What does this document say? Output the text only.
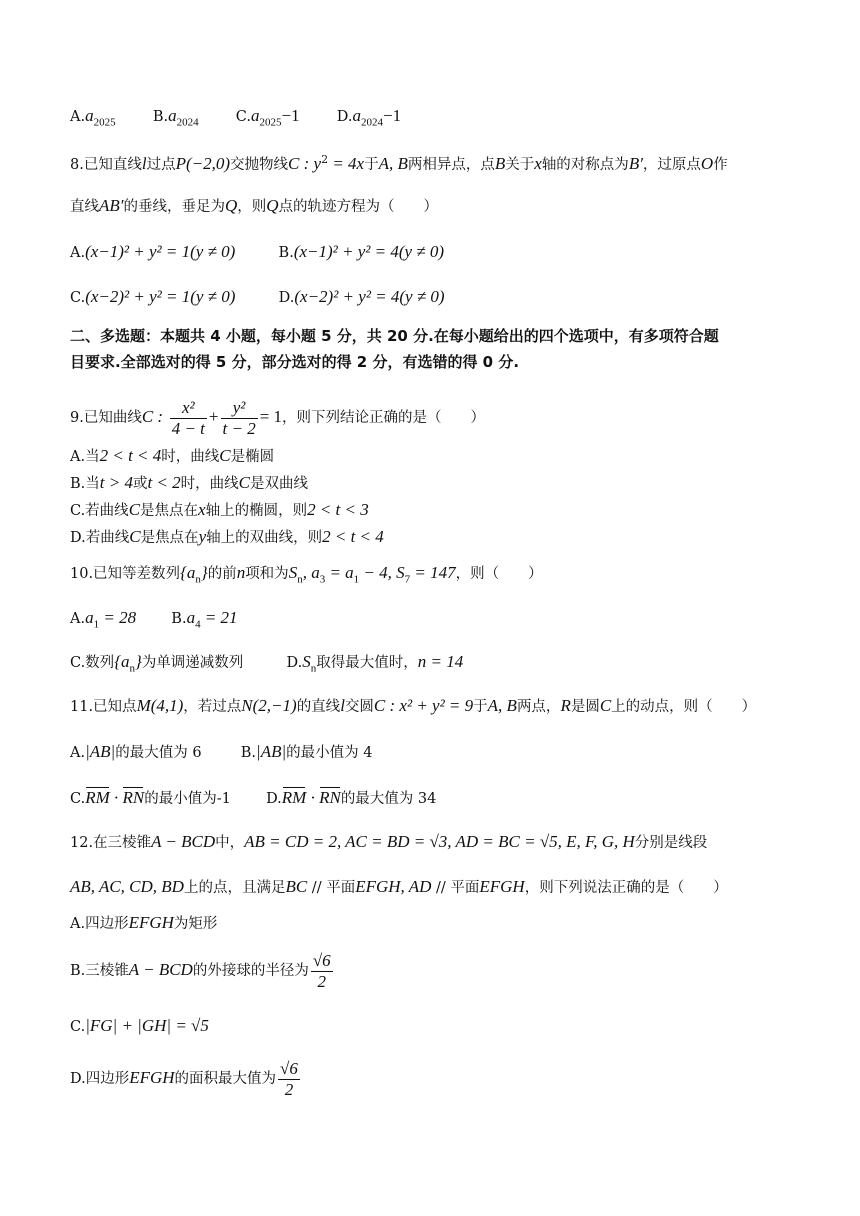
$A.a_{2025}$	$B.a_{2024}$	$C.a_{2025}-1$	$D.a_{2024}-1$
8.已知直线l过点P(−2,0)交抛物线C : $y^2 = 4x$于A, B两相异点，点B关于x轴的对称点为B′，过原点O作
直线AB′的垂线，垂足为Q，则Q点的轨迹方程为（　　）
A.(x−1)² + y² = 1(y ≠ 0)	B.(x−1)² + y² = 4(y ≠ 0)
C.(x−2)² + y² = 1(y ≠ 0)	D.(x−2)² + y² = 4(y ≠ 0)
二、多选题：本题共 4 小题，每小题 5 分，共 20 分.在每小题给出的四个选项中，有多项符合题
目要求.全部选对的得 5 分，部分选对的得 2 分，有选错的得 0 分.
9.已知曲线C : $\frac{\text{x²}}{4 - t} + \frac{\text{y²}}{t - 2} = 1$，则下列结论正确的是（　　）
A.当2 < t < 4时，曲线C是椭圆
B.当t > 4或t < 2时，曲线C是双曲线
C.若曲线C是焦点在x轴上的椭圆，则2 < t < 3
D.若曲线C是焦点在y轴上的双曲线，则2 < t < 4
10.已知等差数列$\{a_n\}$的前n项和为$S_n$, $a_3 = a_1 - 4$, $S_7 = 147$，则（　　）
$A.a_1 = 28$ $B.a_4 = 21$
C.数列$\{a_n\}$为单调递减数列	$D.S_n$取得最大值时，n = 14
11.已知点M(4,1)，若过点N(2,−1)的直线l交圆C : x² + y² = 9于A, B两点，R是圆C上的动点，则（　　）
A.|AB|的最大值为 6	B.|AB|的最小值为 4
C.RM · RN的最小值为-1 D.RM · RN的最大值为 34
12.在三棱锥A − BCD中，AB = CD = 2, AC = BD = √3, AD = BC = √5, E, F, G, H分别是线段
AB, AC, CD, BD上的点，且满足BC // 平面EFGH, AD // 平面EFGH，则下列说法正确的是（　　）
A.四边形EFGH为矩形
B.三棱锥A − BCD的外接球的半径为 $\frac{√6}{2}$
C.|FG| + |GH| = √5
D.四边形EFGH的面积最大值为 $\frac{√6}{2}$
